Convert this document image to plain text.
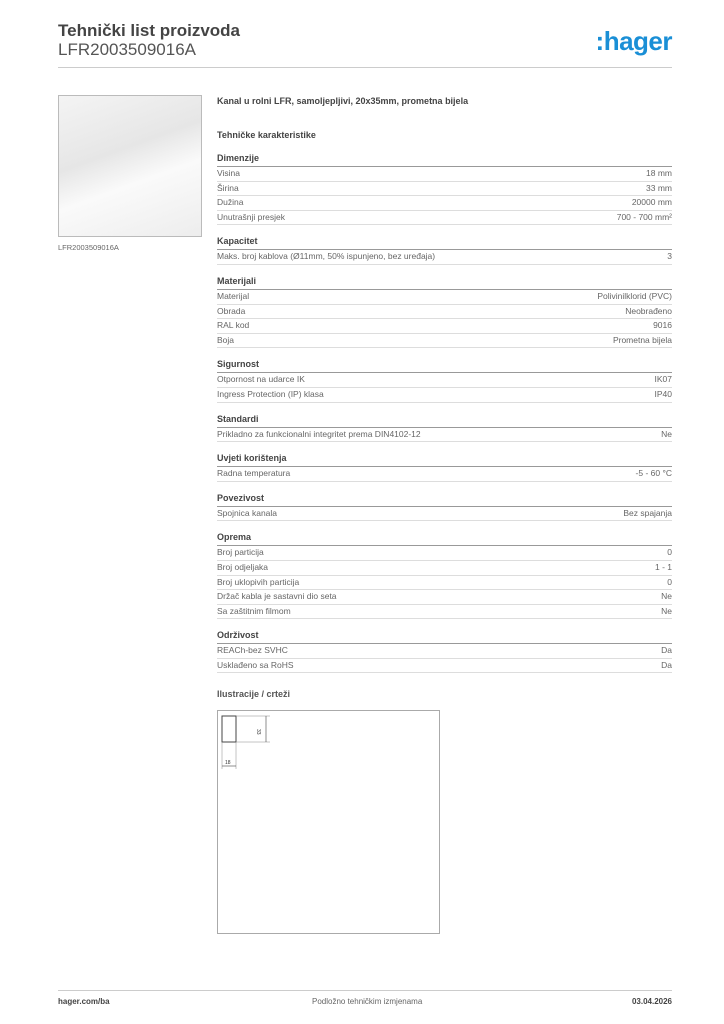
Tehnički list proizvoda
LFR2003509016A	:hager
LFR2003509016A
Kanal u rolni LFR, samoljepljivi, 20x35mm, prometna bijela
Tehničke karakteristike
Dimenzije
Visina	18 mm
Širina	33 mm
Dužina	20000 mm
Unutrašnji presjek	700 - 700 mm²
Kapacitet
Maks. broj kablova (Ø11mm, 50% ispunjeno, bez uređaja)	3
Materijali
Materijal	Polivinilklorid (PVC)
Obrada	Neobrađeno
RAL kod	9016
Boja	Prometna bijela
Sigurnost
Otpornost na udarce IK	IK07
Ingress Protection (IP) klasa	IP40
Standardi
Prikladno za funkcionalni integritet prema DIN4102-12	Ne
Uvjeti korištenja
Radna temperatura	-5 - 60 °C
Povezivost
Spojnica kanala	Bez spajanja
Oprema
Broj particija	0
Broj odjeljaka	1 - 1
Broj uklopivih particija	0
Držač kabla je sastavni dio seta	Ne
Sa zaštitnim filmom	Ne
Održivost
REACh-bez SVHC	Da
Usklađeno sa RoHS	Da
Ilustracije / crteži
33
18
hager.com/ba	Podložno tehničkim izmjenama	03.04.2026
